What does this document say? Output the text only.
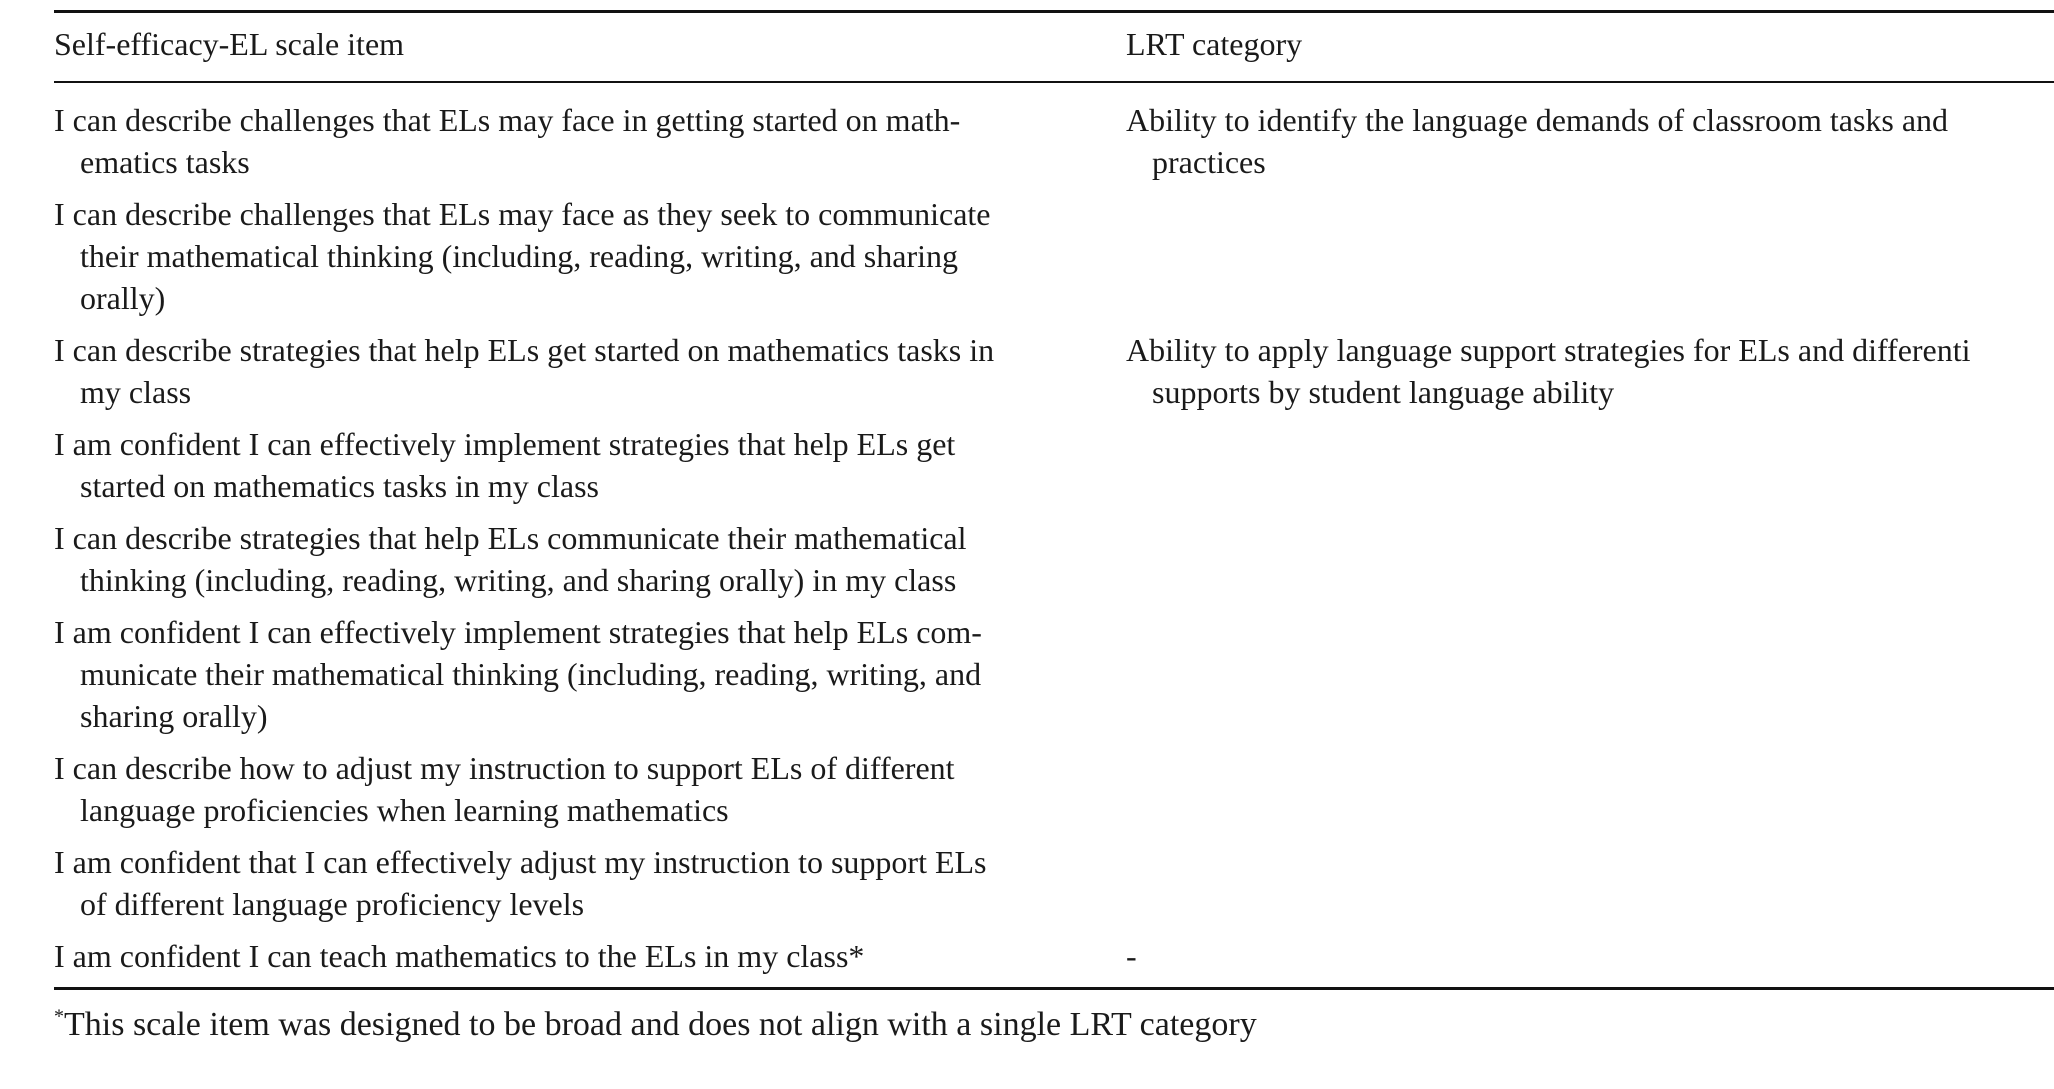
Self-efficacy-EL scale item	LRT category
I can describe challenges that ELs may face in getting started on math-
ematics tasks
Ability to identify the language demands of classroom tasks and
practices
I can describe challenges that ELs may face as they seek to communicate
their mathematical thinking (including, reading, writing, and sharing
orally)
I can describe strategies that help ELs get started on mathematics tasks in
my class
Ability to apply language support strategies for ELs and differenti
supports by student language ability
I am confident I can effectively implement strategies that help ELs get
started on mathematics tasks in my class
I can describe strategies that help ELs communicate their mathematical
thinking (including, reading, writing, and sharing orally) in my class
I am confident I can effectively implement strategies that help ELs com-
municate their mathematical thinking (including, reading, writing, and
sharing orally)
I can describe how to adjust my instruction to support ELs of different
language proficiencies when learning mathematics
I am confident that I can effectively adjust my instruction to support ELs
of different language proficiency levels
I am confident I can teach mathematics to the ELs in my class*	-
*This scale item was designed to be broad and does not align with a single LRT category
